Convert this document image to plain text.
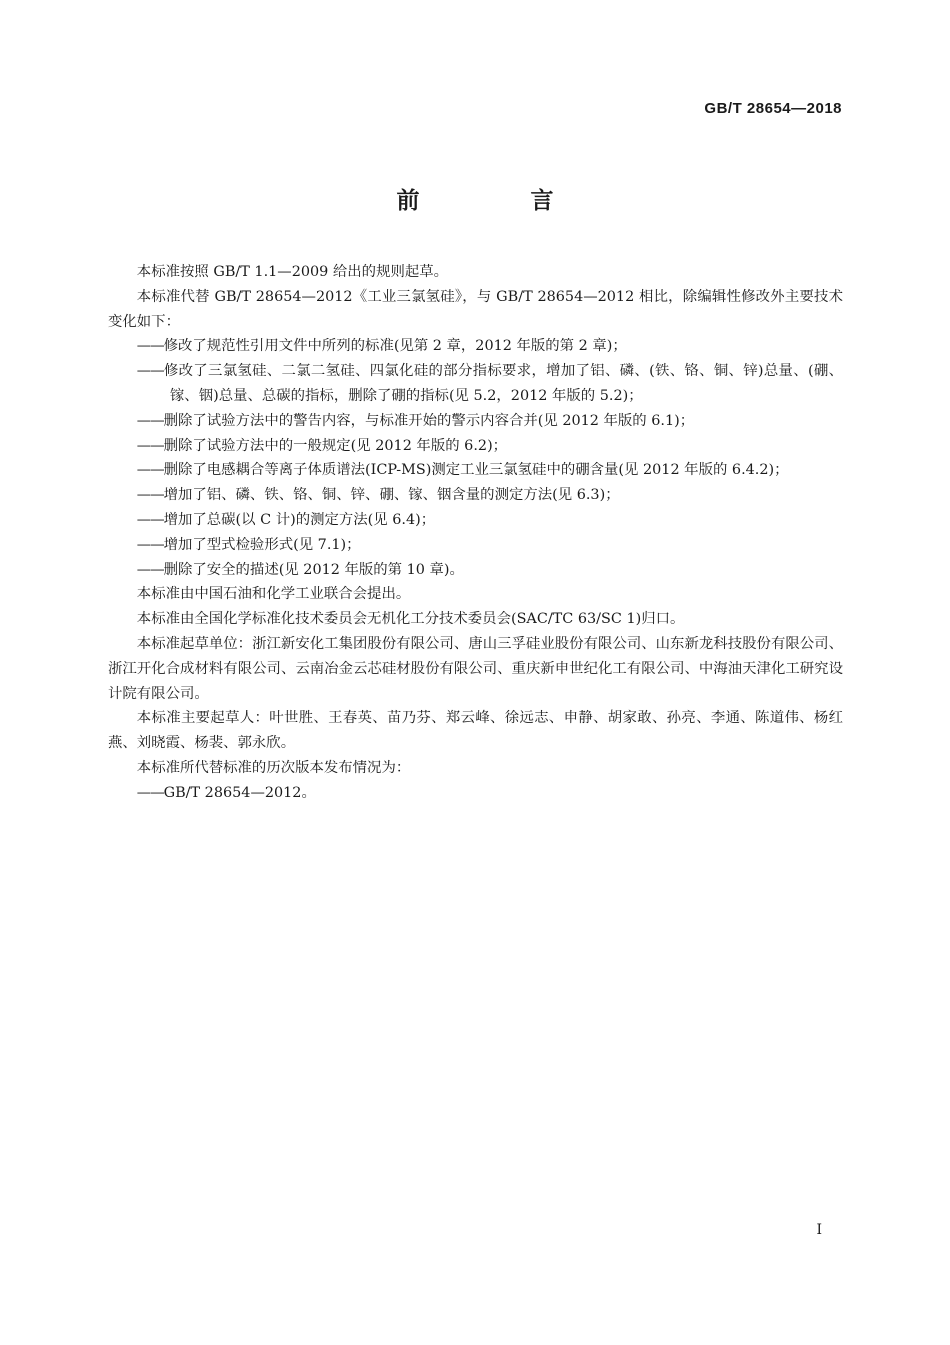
GB/T 28654—2018
前　言

本标准按照 GB/T 1.1—2009 给出的规则起草。

本标准代替 GB/T 28654—2012《工业三氯氢硅》，与 GB/T 28654—2012 相比，除编辑性修改外主要技术变化如下：

——修改了规范性引用文件中所列的标准(见第 2 章，2012 年版的第 2 章)；

——修改了三氯氢硅、二氯二氢硅、四氯化硅的部分指标要求，增加了铝、磷、(铁、铬、铜、锌)总量、(硼、镓、铟)总量、总碳的指标，删除了硼的指标(见 5.2，2012 年版的 5.2)；

——删除了试验方法中的警告内容，与标准开始的警示内容合并(见 2012 年版的 6.1)；

——删除了试验方法中的一般规定(见 2012 年版的 6.2)；

——删除了电感耦合等离子体质谱法(ICP-MS)测定工业三氯氢硅中的硼含量(见 2012 年版的 6.4.2)；

——增加了铝、磷、铁、铬、铜、锌、硼、镓、铟含量的测定方法(见 6.3)；

——增加了总碳(以 C 计)的测定方法(见 6.4)；

——增加了型式检验形式(见 7.1)；

——删除了安全的描述(见 2012 年版的第 10 章)。

本标准由中国石油和化学工业联合会提出。

本标准由全国化学标准化技术委员会无机化工分技术委员会(SAC/TC 63/SC 1)归口。

本标准起草单位：浙江新安化工集团股份有限公司、唐山三孚硅业股份有限公司、山东新龙科技股份有限公司、浙江开化合成材料有限公司、云南冶金云芯硅材股份有限公司、重庆新申世纪化工有限公司、中海油天津化工研究设计院有限公司。

本标准主要起草人：叶世胜、王春英、苗乃芬、郑云峰、徐远志、申静、胡家敢、孙亮、李通、陈道伟、杨红燕、刘晓霞、杨裴、郭永欣。

本标准所代替标准的历次版本发布情况为：

——GB/T 28654—2012。

I
